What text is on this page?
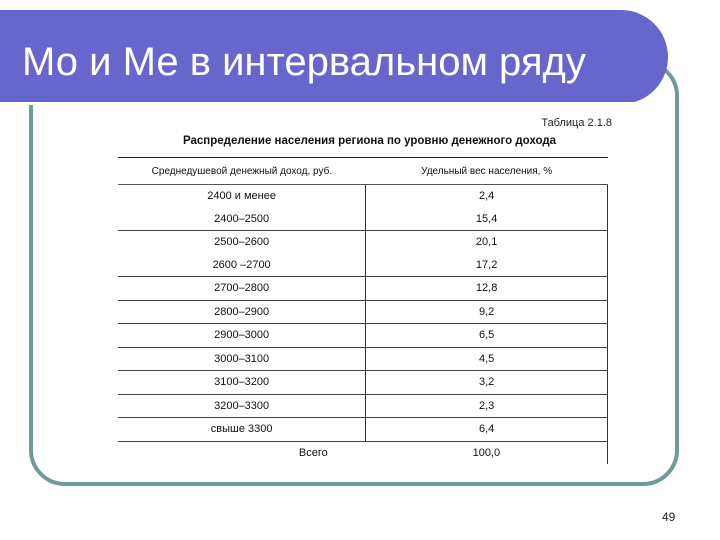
Мо и Ме в интервальном ряду
Таблица 2.1.8
Распределение населения региона по уровню денежного дохода
Среднедушевой денежный доход, руб.	Удельный вес населения, %
2400 и менее	2,4
2400–2500	15,4
2500–2600	20,1
2600 –2700	17,2
2700–2800	12,8
2800–2900	9,2
2900–3000	6,5
3000–3100	4,5
3100–3200	3,2
3200–3300	2,3
свыше 3300	6,4
Всего	100,0
49
